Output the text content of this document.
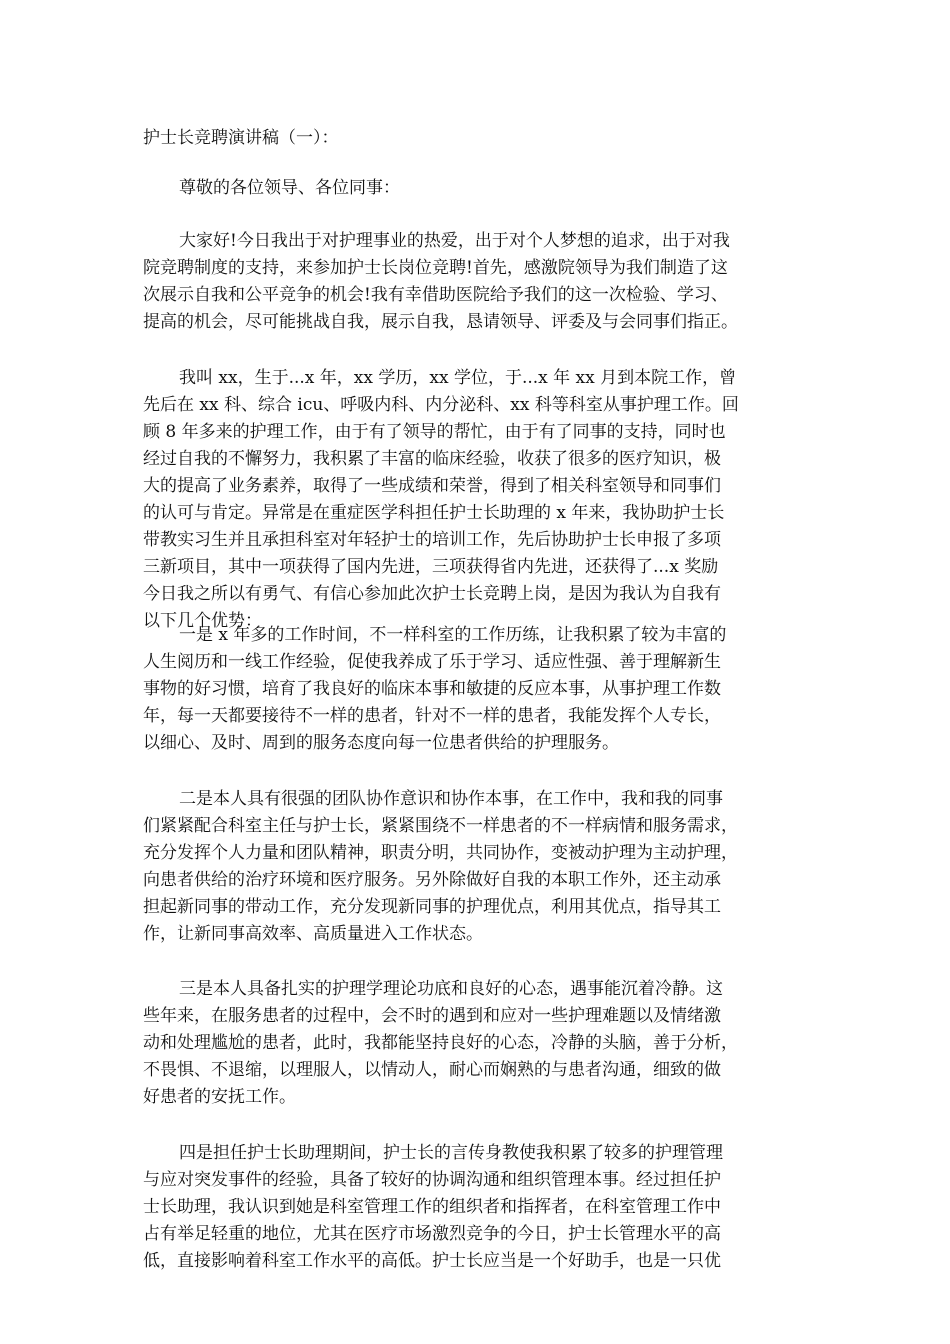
护士长竞聘演讲稿（一）：
尊敬的各位领导、各位同事：
大家好!今日我出于对护理事业的热爱，出于对个人梦想的追求，出于对我
院竞聘制度的支持，来参加护士长岗位竞聘!首先，感激院领导为我们制造了这
次展示自我和公平竞争的机会!我有幸借助医院给予我们的这一次检验、学习、
提高的机会，尽可能挑战自我，展示自我，恳请领导、评委及与会同事们指正。
我叫 xx，生于...x 年，xx 学历，xx 学位，于...x 年 xx 月到本院工作，曾
先后在 xx 科、综合 icu、呼吸内科、内分泌科、xx 科等科室从事护理工作。回
顾 8 年多来的护理工作，由于有了领导的帮忙，由于有了同事的支持，同时也
经过自我的不懈努力，我积累了丰富的临床经验，收获了很多的医疗知识，极
大的提高了业务素养，取得了一些成绩和荣誉，得到了相关科室领导和同事们
的认可与肯定。异常是在重症医学科担任护士长助理的 x 年来，我协助护士长
带教实习生并且承担科室对年轻护士的培训工作，先后协助护士长申报了多项
三新项目，其中一项获得了国内先进，三项获得省内先进，还获得了...x 奖励
今日我之所以有勇气、有信心参加此次护士长竞聘上岗，是因为我认为自我有
以下几个优势：
一是 x 年多的工作时间，不一样科室的工作历练，让我积累了较为丰富的
人生阅历和一线工作经验，促使我养成了乐于学习、适应性强、善于理解新生
事物的好习惯，培育了我良好的临床本事和敏捷的反应本事，从事护理工作数
年，每一天都要接待不一样的患者，针对不一样的患者，我能发挥个人专长，
以细心、及时、周到的服务态度向每一位患者供给的护理服务。
二是本人具有很强的团队协作意识和协作本事，在工作中，我和我的同事
们紧紧配合科室主任与护士长，紧紧围绕不一样患者的不一样病情和服务需求，
充分发挥个人力量和团队精神，职责分明，共同协作，变被动护理为主动护理，
向患者供给的治疗环境和医疗服务。另外除做好自我的本职工作外，还主动承
担起新同事的带动工作，充分发现新同事的护理优点，利用其优点，指导其工
作，让新同事高效率、高质量进入工作状态。
三是本人具备扎实的护理学理论功底和良好的心态，遇事能沉着冷静。这
些年来，在服务患者的过程中，会不时的遇到和应对一些护理难题以及情绪激
动和处理尴尬的患者，此时，我都能坚持良好的心态，冷静的头脑，善于分析，
不畏惧、不退缩，以理服人，以情动人，耐心而娴熟的与患者沟通，细致的做
好患者的安抚工作。
四是担任护士长助理期间，护士长的言传身教使我积累了较多的护理管理
与应对突发事件的经验，具备了较好的协调沟通和组织管理本事。经过担任护
士长助理，我认识到她是科室管理工作的组织者和指挥者，在科室管理工作中
占有举足轻重的地位，尤其在医疗市场激烈竞争的今日，护士长管理水平的高
低，直接影响着科室工作水平的高低。护士长应当是一个好助手，也是一只优
